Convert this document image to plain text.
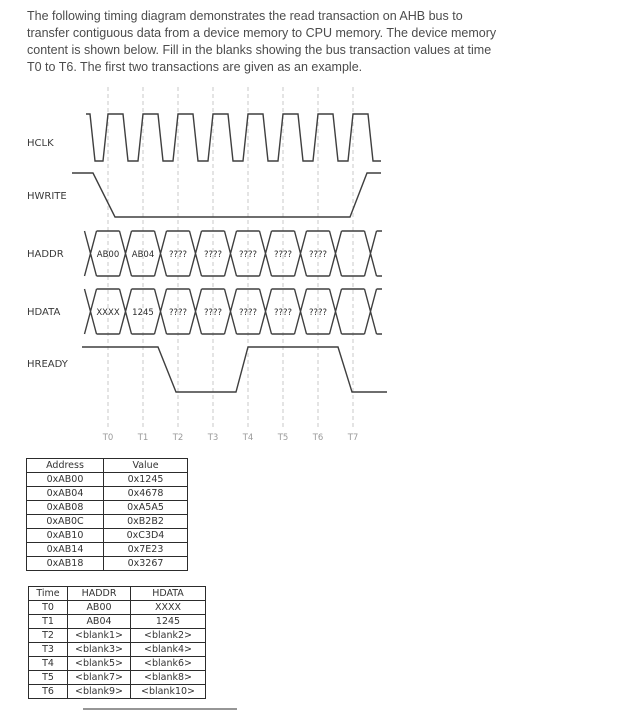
The following timing diagram demonstrates the read transaction on AHB bus to
transfer contiguous data from a device memory to CPU memory. The device memory
content is shown below. Fill in the blanks showing the bus transaction values at time
T0 to T6. The first two transactions are given as an example.
AB00 AB04 ???? ???? ???? ???? ????
XXXX 1245 ???? ???? ???? ???? ????
HCLK
HWRITE
HADDR
HDATA
HREADY
T0	T1	T2	T3	T4	T5	T6	T7
Address	Value
0xAB00	0x1245
0xAB04	0x4678
0xAB08	0xA5A5
0xAB0C	0xB2B2
0xAB10	0xC3D4
0xAB14	0x7E23
0xAB18	0x3267
Time	HADDR	HDATA
T0	AB00	XXXX
T1	AB04	1245
T2	<blank1>	<blank2>
T3	<blank3>	<blank4>
T4	<blank5>	<blank6>
T5	<blank7>	<blank8>
T6	<blank9>	<blank10>
